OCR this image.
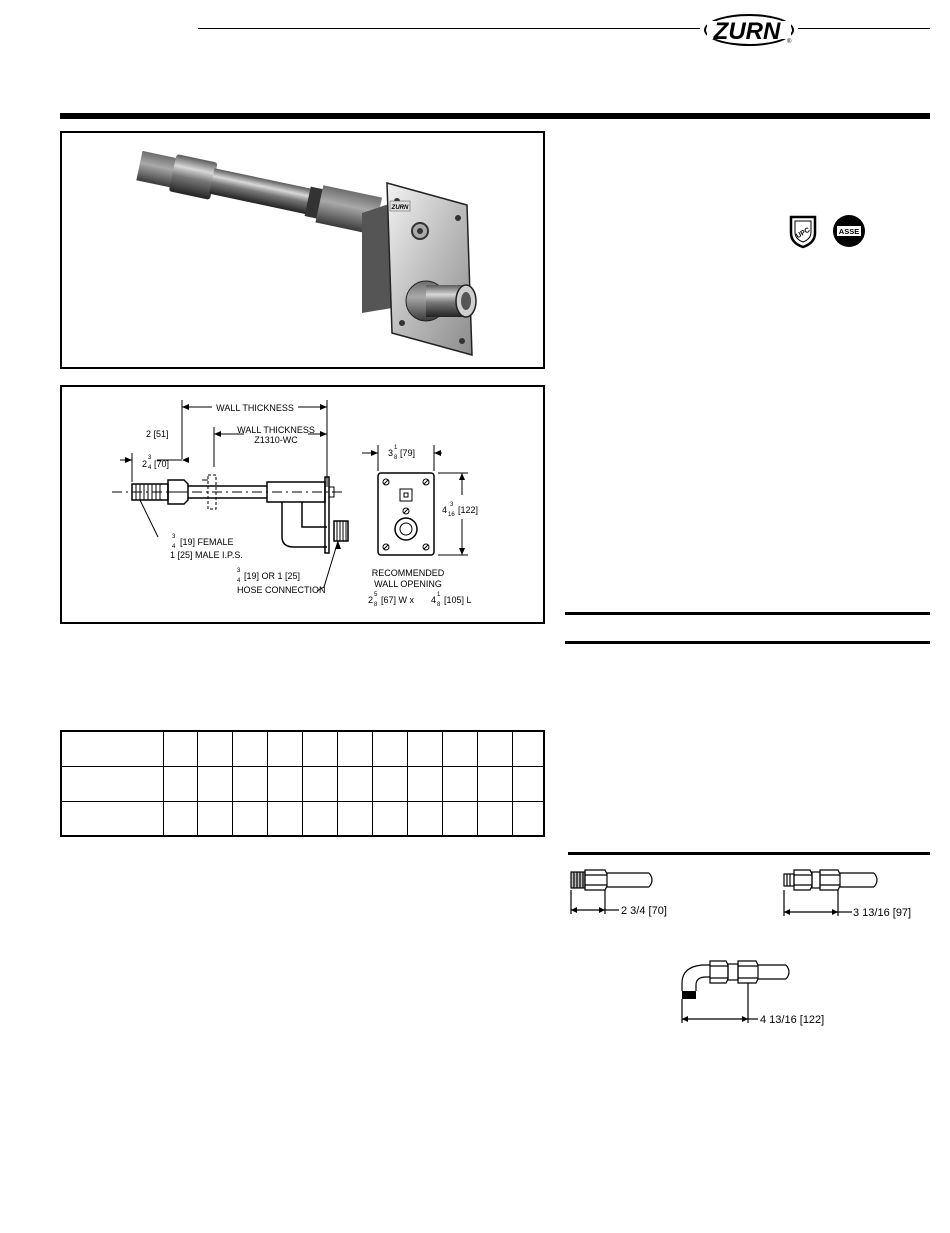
ZURN ®
ZURN
UPC	ASSE
WALL THICKNESS
WALL THICKNESS
Z1310-WC
2 [51]
2
3
4 [70]
3
4 [19] FEMALE
1 [25] MALE I.P.S.
3
4 [19] OR 1 [25]
HOSE CONNECTION
3 1
8 [79]
4 3
16 [122]
RECOMMENDED
WALL OPENING
2 5
8 [67] W x 4 1
8 [105] L

2 3/4 [70]	3 13/16 [97]
4 13/16 [122]
